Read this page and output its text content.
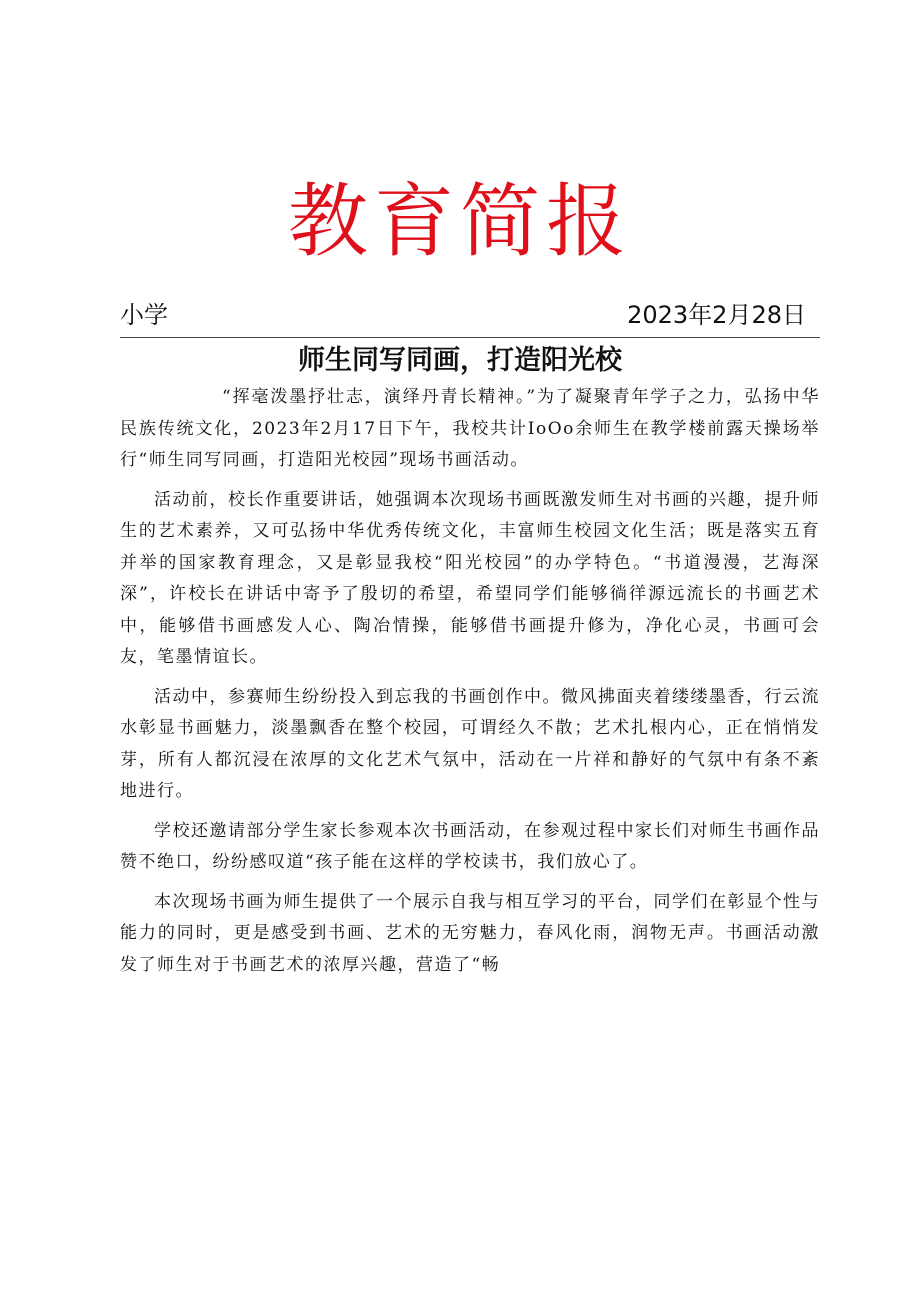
教育简报
小学	2023年2月28日
师生同写同画，打造阳光校

“挥毫泼墨抒壮志，演绎丹青长精神。”为了凝聚青年学子之力，弘扬中华民族传统文化，2023年2月17日下午，我校共计IoOo余师生在教学楼前露天操场举行“师生同写同画，打造阳光校园”现场书画活动。

活动前，校长作重要讲话，她强调本次现场书画既激发师生对书画的兴趣，提升师生的艺术素养，又可弘扬中华优秀传统文化，丰富师生校园文化生活；既是落实五育并举的国家教育理念，又是彰显我校“阳光校园”的办学特色。“书道漫漫，艺海深深”，许校长在讲话中寄予了殷切的希望，希望同学们能够徜徉源远流长的书画艺术中，能够借书画感发人心、陶冶情操，能够借书画提升修为，净化心灵，书画可会友，笔墨情谊长。

活动中，参赛师生纷纷投入到忘我的书画创作中。微风拂面夹着缕缕墨香，行云流水彰显书画魅力，淡墨飘香在整个校园，可谓经久不散；艺术扎根内心，正在悄悄发芽，所有人都沉浸在浓厚的文化艺术气氛中，活动在一片祥和静好的气氛中有条不紊地进行。

学校还邀请部分学生家长参观本次书画活动，在参观过程中家长们对师生书画作品赞不绝口，纷纷感叹道“孩子能在这样的学校读书，我们放心了。

本次现场书画为师生提供了一个展示自我与相互学习的平台，同学们在彰显个性与能力的同时，更是感受到书画、艺术的无穷魅力，春风化雨，润物无声。书画活动激发了师生对于书画艺术的浓厚兴趣，营造了“畅
